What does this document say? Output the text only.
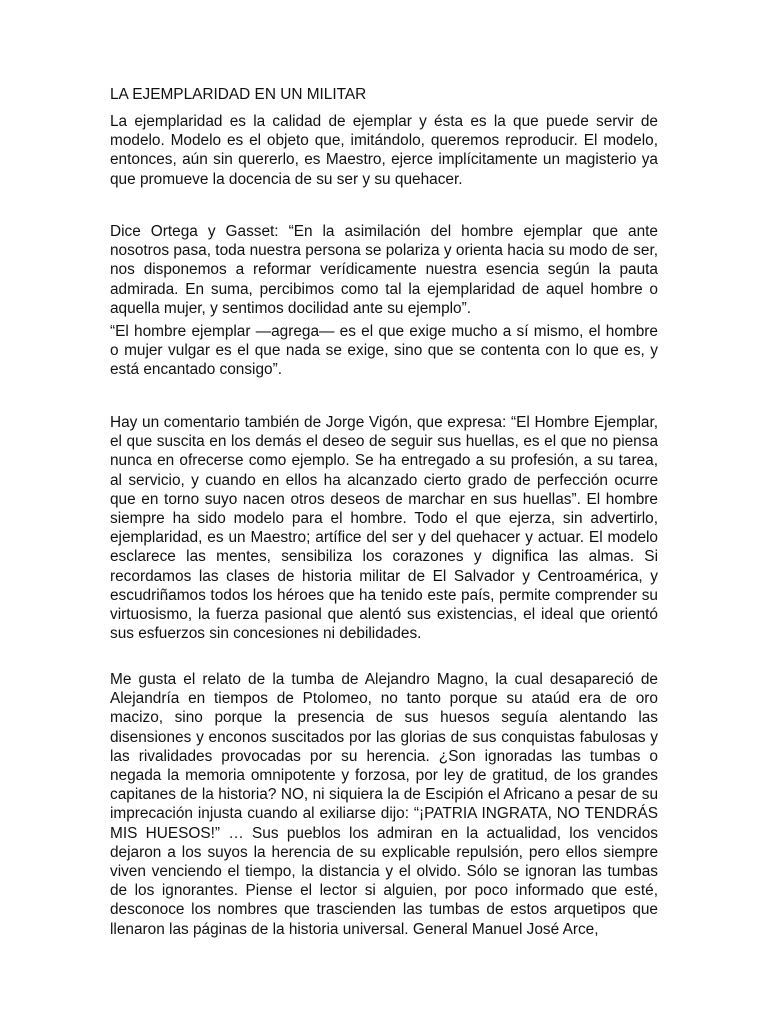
LA EJEMPLARIDAD EN UN MILITAR

La ejemplaridad es la calidad de ejemplar y ésta es la que puede servir de modelo. Modelo es el objeto que, imitándolo, queremos reproducir. El modelo, entonces, aún sin quererlo, es Maestro, ejerce implícitamente un magisterio ya que promueve la docencia de su ser y su quehacer.

Dice Ortega y Gasset: “En la asimilación del hombre ejemplar que ante nosotros pasa, toda nuestra persona se polariza y orienta hacia su modo de ser, nos disponemos a reformar verídicamente nuestra esencia según la pauta admirada. En suma, percibimos como tal la ejemplaridad de aquel hombre o aquella mujer, y sentimos docilidad ante su ejemplo”.

“El hombre ejemplar —agrega— es el que exige mucho a sí mismo, el hombre o mujer vulgar es el que nada se exige, sino que se contenta con lo que es, y está encantado consigo”.

Hay un comentario también de Jorge Vigón, que expresa: “El Hombre Ejemplar, el que suscita en los demás el deseo de seguir sus huellas, es el que no piensa nunca en ofrecerse como ejemplo. Se ha entregado a su profesión, a su tarea, al servicio, y cuando en ellos ha alcanzado cierto grado de perfección ocurre que en torno suyo nacen otros deseos de marchar en sus huellas”. El hombre siempre ha sido modelo para el hombre. Todo el que ejerza, sin advertirlo, ejemplaridad, es un Maestro; artífice del ser y del quehacer y actuar. El modelo esclarece las mentes, sensibiliza los corazones y dignifica las almas. Si recordamos las clases de historia militar de El Salvador y Centroamérica, y escudriñamos todos los héroes que ha tenido este país, permite comprender su virtuosismo, la fuerza pasional que alentó sus existencias, el ideal que orientó sus esfuerzos sin concesiones ni debilidades.

Me gusta el relato de la tumba de Alejandro Magno, la cual desapareció de Alejandría en tiempos de Ptolomeo, no tanto porque su ataúd era de oro macizo, sino porque la presencia de sus huesos seguía alentando las disensiones y enconos suscitados por las glorias de sus conquistas fabulosas y las rivalidades provocadas por su herencia. ¿Son ignoradas las tumbas o negada la memoria omnipotente y forzosa, por ley de gratitud, de los grandes capitanes de la historia? NO, ni siquiera la de Escipión el Africano a pesar de su imprecación injusta cuando al exiliarse dijo: “¡PATRIA INGRATA, NO TENDRÁS MIS HUESOS!” … Sus pueblos los admiran en la actualidad, los vencidos dejaron a los suyos la herencia de su explicable repulsión, pero ellos siempre viven venciendo el tiempo, la distancia y el olvido. Sólo se ignoran las tumbas de los ignorantes. Piense el lector si alguien, por poco informado que esté, desconoce los nombres que trascienden las tumbas de estos arquetipos que llenaron las páginas de la historia universal. General Manuel José Arce,
